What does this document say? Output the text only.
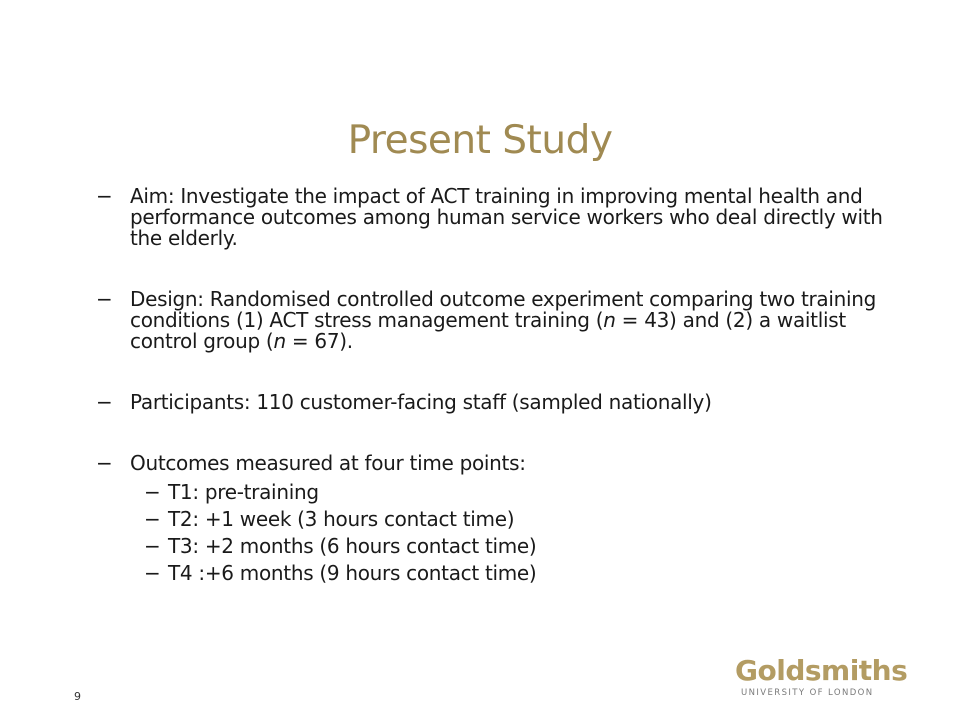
Present Study
− Aim: Investigate the impact of ACT training in improving mental health and performance outcomes among human service workers who deal directly with the elderly.
− Design: Randomised controlled outcome experiment comparing two training conditions (1) ACT stress management training (n = 43) and (2) a waitlist control group (n = 67).
− Participants: 110 customer-facing staff (sampled nationally)
− Outcomes measured at four time points:
− T1: pre-training
− T2: +1 week (3 hours contact time)
− T3: +2 months (6 hours contact time)
− T4 :+6 months (9 hours contact time)
9
Goldsmiths
UNIVERSITY OF LONDON
